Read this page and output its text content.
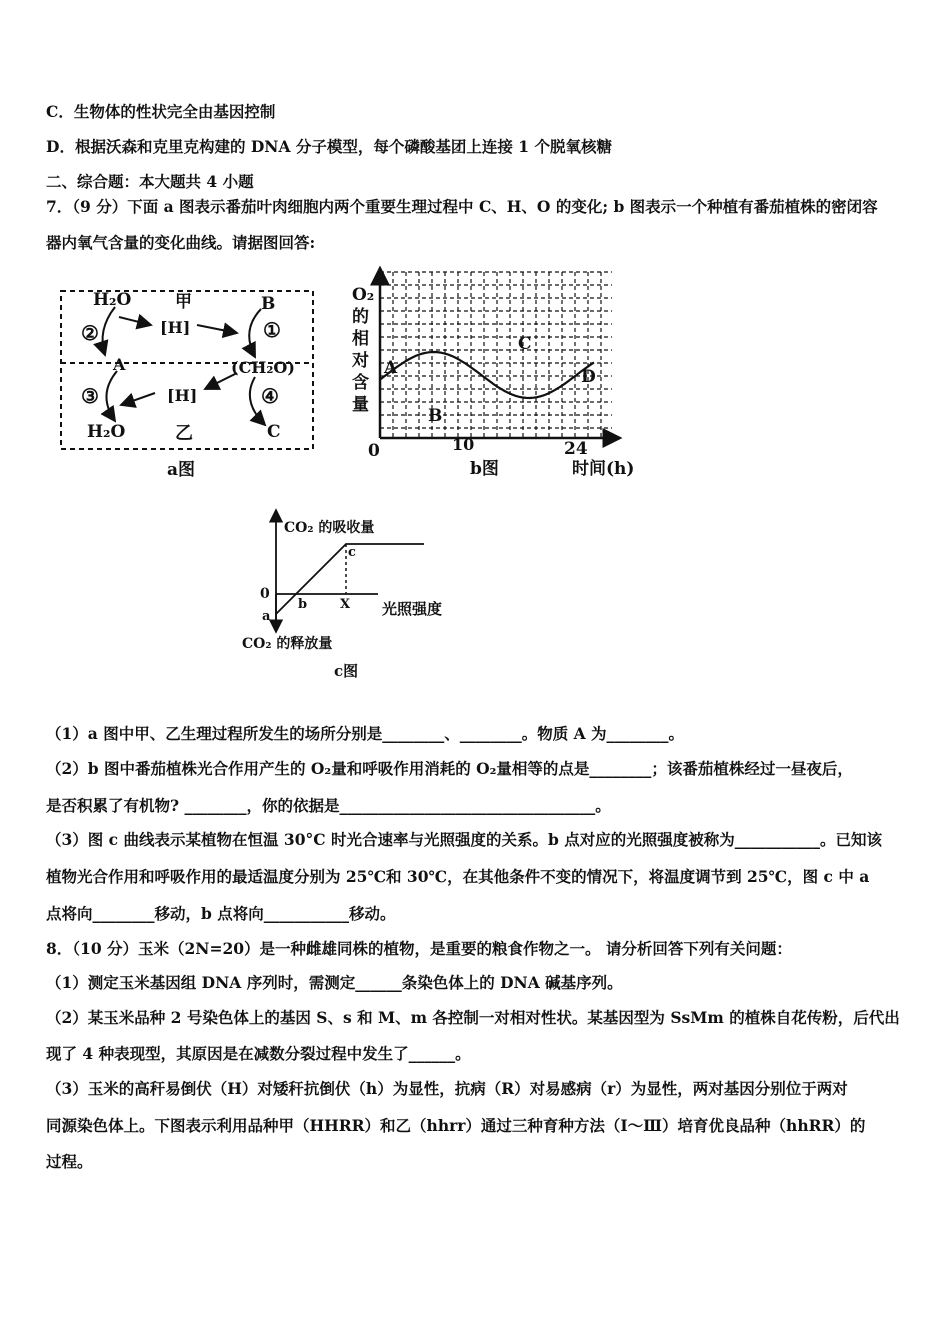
C．生物体的性状完全由基因控制
D．根据沃森和克里克构建的 DNA 分子模型，每个磷酸基团上连接 1 个脱氧核糖
二、综合题：本大题共 4 小题
7．（9 分）下面 a 图表示番茄叶肉细胞内两个重要生理过程中 C、H、O 的变化; b 图表示一个种植有番茄植株的密闭容
器内氧气含量的变化曲线。请据图回答:
H₂O	甲	B
②	[H]	①
A	(CH₂O)
③	[H]	④
H₂O	乙	C
a图
O₂
的
相
对
含
量
A
B
C
D
0	10	24
b图	时间(h)
CO₂ 的吸收量
c
0
b	X 光照强度
a
CO₂ 的释放量
c图
（1）a 图中甲、乙生理过程所发生的场所分别是________、________。物质 A 为________。
（2）b 图中番茄植株光合作用产生的 O₂量和呼吸作用消耗的 O₂量相等的点是________；该番茄植株经过一昼夜后，
是否积累了有机物? ________，你的依据是_________________________________。
（3）图 c 曲线表示某植物在恒温 30°C 时光合速率与光照强度的关系。b 点对应的光照强度被称为___________。已知该
植物光合作用和呼吸作用的最适温度分别为 25℃和 30℃，在其他条件不变的情况下，将温度调节到 25℃，图 c 中 a
点将向________移动，b 点将向___________移动。
8．（10 分）玉米（2N=20）是一种雌雄同株的植物，是重要的粮食作物之一。 请分析回答下列有关问题：
（1）测定玉米基因组 DNA 序列时，需测定______条染色体上的 DNA 碱基序列。
（2）某玉米品种 2 号染色体上的基因 S、s 和 M、m 各控制一对相对性状。某基因型为 SsMm 的植株自花传粉，后代出
现了 4 种表现型，其原因是在减数分裂过程中发生了______。
（3）玉米的高秆易倒伏（H）对矮秆抗倒伏（h）为显性，抗病（R）对易感病（r）为显性，两对基因分别位于两对
同源染色体上。下图表示利用品种甲（HHRR）和乙（hhrr）通过三种育种方法（Ⅰ～Ⅲ）培育优良品种（hhRR）的
过程。
